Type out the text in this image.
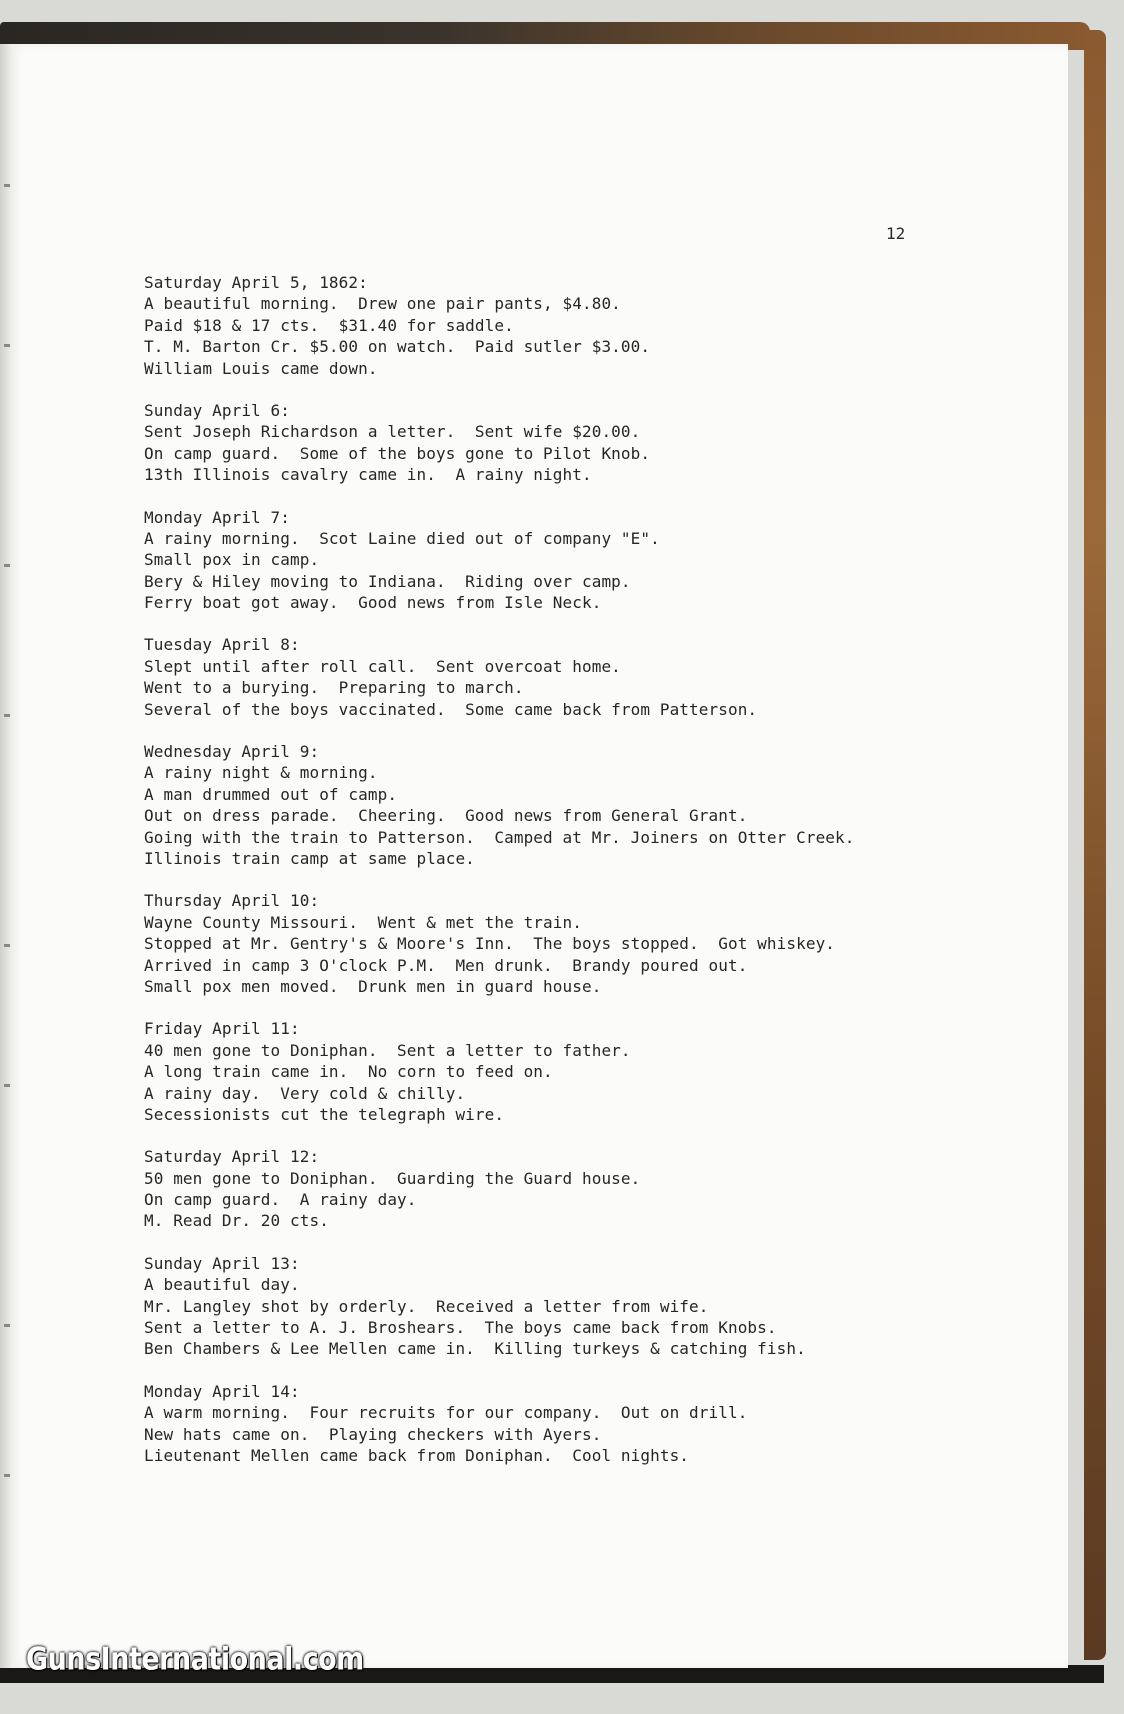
12
Saturday April 5, 1862:
A beautiful morning.  Drew one pair pants, $4.80.
Paid $18 & 17 cts.  $31.40 for saddle.
T. M. Barton Cr. $5.00 on watch.  Paid sutler $3.00.
William Louis came down.
Sunday April 6:
Sent Joseph Richardson a letter.  Sent wife $20.00.
On camp guard.  Some of the boys gone to Pilot Knob.
13th Illinois cavalry came in.  A rainy night.
Monday April 7:
A rainy morning.  Scot Laine died out of company "E".
Small pox in camp.
Bery & Hiley moving to Indiana.  Riding over camp.
Ferry boat got away.  Good news from Isle Neck.
Tuesday April 8:
Slept until after roll call.  Sent overcoat home.
Went to a burying.  Preparing to march.
Several of the boys vaccinated.  Some came back from Patterson.
Wednesday April 9:
A rainy night & morning.
A man drummed out of camp.
Out on dress parade.  Cheering.  Good news from General Grant.
Going with the train to Patterson.  Camped at Mr. Joiners on Otter Creek.
Illinois train camp at same place.
Thursday April 10:
Wayne County Missouri.  Went & met the train.
Stopped at Mr. Gentry's & Moore's Inn.  The boys stopped.  Got whiskey.
Arrived in camp 3 O'clock P.M.  Men drunk.  Brandy poured out.
Small pox men moved.  Drunk men in guard house.
Friday April 11:
40 men gone to Doniphan.  Sent a letter to father.
A long train came in.  No corn to feed on.
A rainy day.  Very cold & chilly.
Secessionists cut the telegraph wire.
Saturday April 12:
50 men gone to Doniphan.  Guarding the Guard house.
On camp guard.  A rainy day.
M. Read Dr. 20 cts.
Sunday April 13:
A beautiful day.
Mr. Langley shot by orderly.  Received a letter from wife.
Sent a letter to A. J. Broshears.  The boys came back from Knobs.
Ben Chambers & Lee Mellen came in.  Killing turkeys & catching fish.
Monday April 14:
A warm morning.  Four recruits for our company.  Out on drill.
New hats came on.  Playing checkers with Ayers.
Lieutenant Mellen came back from Doniphan.  Cool nights.
GunsInternational.com
